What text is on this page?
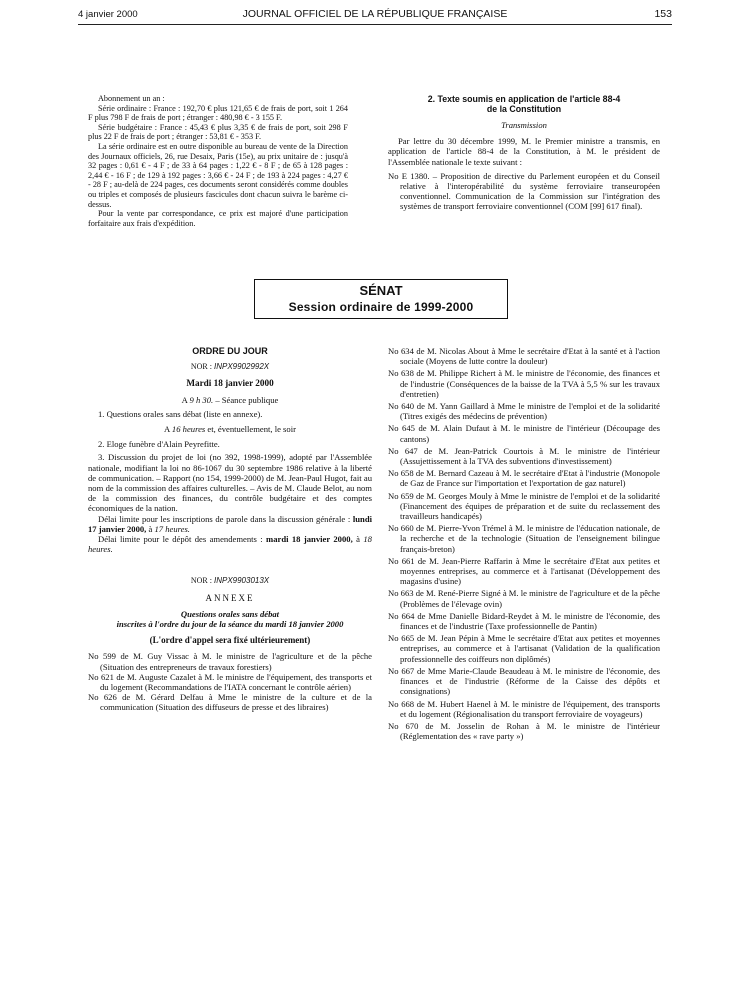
4 janvier 2000	JOURNAL OFFICIEL DE LA RÉPUBLIQUE FRANÇAISE	153

Abonnement un an :

Série ordinaire : France : 192,70 € plus 121,65 € de frais de port, soit 1 264 F plus 798 F de frais de port ; étranger : 480,98 € - 3 155 F.

Série budgétaire : France : 45,43 € plus 3,35 € de frais de port, soit 298 F plus 22 F de frais de port ; étranger : 53,81 € - 353 F.

La série ordinaire est en outre disponible au bureau de vente de la Direction des Journaux officiels, 26, rue Desaix, Paris (15e), au prix unitaire de : jusqu'à 32 pages : 0,61 € - 4 F ; de 33 à 64 pages : 1,22 € - 8 F ; de 65 à 128 pages : 2,44 € - 16 F ; de 129 à 192 pages : 3,66 € - 24 F ; de 193 à 224 pages : 4,27 € - 28 F ; au-delà de 224 pages, ces documents seront considérés comme doubles ou triples et composés de plusieurs fascicules dont chacun suivra le barème ci-dessus.

Pour la vente par correspondance, ce prix est majoré d'une participation forfaitaire aux frais d'expédition.

2. Texte soumis en application de l'article 88-4

de la Constitution

Transmission

Par lettre du 30 décembre 1999, M. le Premier ministre a transmis, en application de l'article 88-4 de la Constitution, à M. le président de l'Assemblée nationale le texte suivant :

No E 1380. – Proposition de directive du Parlement européen et du Conseil relative à l'interopérabilité du système ferroviaire transeuropéen conventionnel. Communication de la Commission sur l'intégration des systèmes de transport ferroviaire conventionnel (COM [99] 617 final).

SÉNAT
Session ordinaire de 1999-2000

ORDRE DU JOUR

NOR : INPX9902992X

Mardi 18 janvier 2000

A 9 h 30. – Séance publique

1. Questions orales sans débat (liste en annexe).

A 16 heures et, éventuellement, le soir

2. Eloge funèbre d'Alain Peyrefitte.

3. Discussion du projet de loi (no 392, 1998-1999), adopté par l'Assemblée nationale, modifiant la loi no 86-1067 du 30 septembre 1986 relative à la liberté de communication. – Rapport (no 154, 1999-2000) de M. Jean-Paul Hugot, fait au nom de la commission des affaires culturelles. – Avis de M. Claude Belot, au nom de la commission des finances, du contrôle budgétaire et des comptes économiques de la nation.

Délai limite pour les inscriptions de parole dans la discussion générale : lundi 17 janvier 2000, à 17 heures.

Délai limite pour le dépôt des amendements : mardi 18 janvier 2000, à 18 heures.

NOR : INPX9903013X

ANNEXE

Questions orales sans débat

inscrites à l'ordre du jour de la séance du mardi 18 janvier 2000

(L'ordre d'appel sera fixé ultérieurement)

No 599 de M. Guy Vissac à M. le ministre de l'agriculture et de la pêche (Situation des entrepreneurs de travaux forestiers)

No 621 de M. Auguste Cazalet à M. le ministre de l'équipement, des transports et du logement (Recommandations de l'IATA concernant le contrôle aérien)

No 626 de M. Gérard Delfau à Mme le ministre de la culture et de la communication (Situation des diffuseurs de presse et des libraires)

No 634 de M. Nicolas About à Mme le secrétaire d'Etat à la santé et à l'action sociale (Moyens de lutte contre la douleur)

No 638 de M. Philippe Richert à M. le ministre de l'économie, des finances et de l'industrie (Conséquences de la baisse de la TVA à 5,5 % sur les travaux d'entretien)

No 640 de M. Yann Gaillard à Mme le ministre de l'emploi et de la solidarité (Titres exigés des médecins de prévention)

No 645 de M. Alain Dufaut à M. le ministre de l'intérieur (Découpage des cantons)

No 647 de M. Jean-Patrick Courtois à M. le ministre de l'intérieur (Assujettissement à la TVA des subventions d'investissement)

No 658 de M. Bernard Cazeau à M. le secrétaire d'Etat à l'industrie (Monopole de Gaz de France sur l'importation et l'exportation de gaz naturel)

No 659 de M. Georges Mouly à Mme le ministre de l'emploi et de la solidarité (Financement des équipes de préparation et de suite du reclassement des travailleurs handicapés)

No 660 de M. Pierre-Yvon Trémel à M. le ministre de l'éducation nationale, de la recherche et de la technologie (Situation de l'enseignement bilingue français-breton)

No 661 de M. Jean-Pierre Raffarin à Mme le secrétaire d'Etat aux petites et moyennes entreprises, au commerce et à l'artisanat (Développement des magasins d'usine)

No 663 de M. René-Pierre Signé à M. le ministre de l'agriculture et de la pêche (Problèmes de l'élevage ovin)

No 664 de Mme Danielle Bidard-Reydet à M. le ministre de l'économie, des finances et de l'industrie (Taxe professionnelle de Pantin)

No 665 de M. Jean Pépin à Mme le secrétaire d'Etat aux petites et moyennes entreprises, au commerce et à l'artisanat (Validation de la qualification professionnelle des coiffeurs non diplômés)

No 667 de Mme Marie-Claude Beaudeau à M. le ministre de l'économie, des finances et de l'industrie (Réforme de la Caisse des dépôts et consignations)

No 668 de M. Hubert Haenel à M. le ministre de l'équipement, des transports et du logement (Régionalisation du transport ferroviaire de voyageurs)

No 670 de M. Josselin de Rohan à M. le ministre de l'intérieur (Réglementation des « rave party »)
